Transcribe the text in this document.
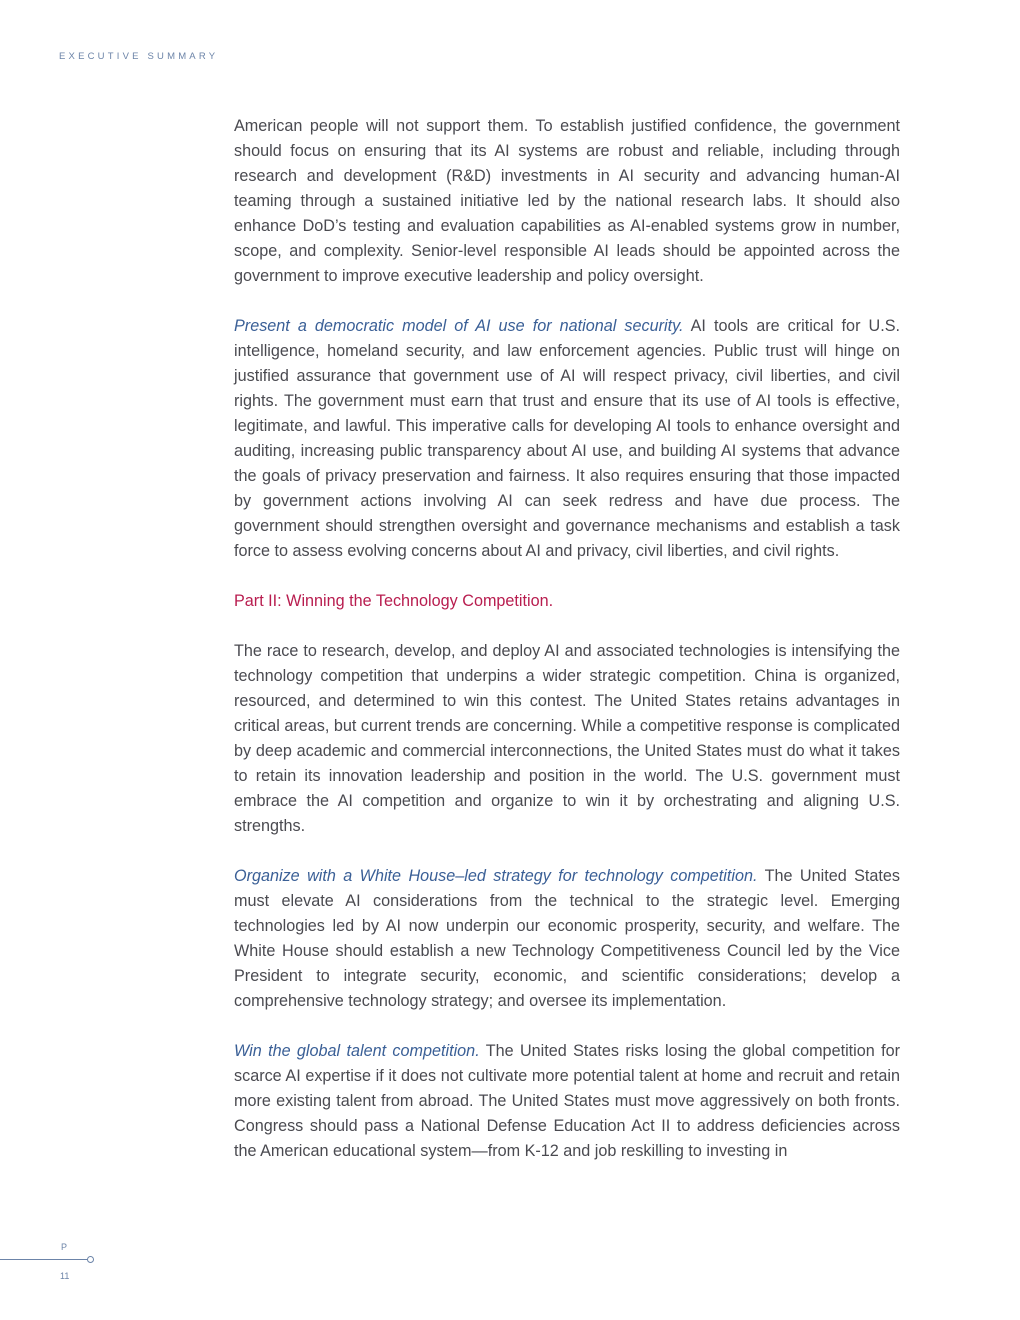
EXECUTIVE SUMMARY

American people will not support them. To establish justified confidence, the government should focus on ensuring that its AI systems are robust and reliable, including through research and development (R&D) investments in AI security and advancing human-AI teaming through a sustained initiative led by the national research labs. It should also enhance DoD’s testing and evaluation capabilities as AI-enabled systems grow in number, scope, and complexity. Senior-level responsible AI leads should be appointed across the government to improve executive leadership and policy oversight.

Present a democratic model of AI use for national security. AI tools are critical for U.S. intelligence, homeland security, and law enforcement agencies. Public trust will hinge on justified assurance that government use of AI will respect privacy, civil liberties, and civil rights. The government must earn that trust and ensure that its use of AI tools is effective, legitimate, and lawful. This imperative calls for developing AI tools to enhance oversight and auditing, increasing public transparency about AI use, and building AI systems that advance the goals of privacy preservation and fairness. It also requires ensuring that those impacted by government actions involving AI can seek redress and have due process. The government should strengthen oversight and governance mechanisms and establish a task force to assess evolving concerns about AI and privacy, civil liberties, and civil rights.

Part II: Winning the Technology Competition.

The race to research, develop, and deploy AI and associated technologies is intensifying the technology competition that underpins a wider strategic competition. China is organized, resourced, and determined to win this contest. The United States retains advantages in critical areas, but current trends are concerning. While a competitive response is complicated by deep academic and commercial interconnections, the United States must do what it takes to retain its innovation leadership and position in the world. The U.S. government must embrace the AI competition and organize to win it by orchestrating and aligning U.S. strengths.

Organize with a White House–led strategy for technology competition. The United States must elevate AI considerations from the technical to the strategic level. Emerging technologies led by AI now underpin our economic prosperity, security, and welfare. The White House should establish a new Technology Competitiveness Council led by the Vice President to integrate security, economic, and scientific considerations; develop a comprehensive technology strategy; and oversee its implementation.

Win the global talent competition. The United States risks losing the global competition for scarce AI expertise if it does not cultivate more potential talent at home and recruit and retain more existing talent from abroad. The United States must move aggressively on both fronts. Congress should pass a National Defense Education Act II to address deficiencies across the American educational system—from K-12 and job reskilling to investing in

P
11
